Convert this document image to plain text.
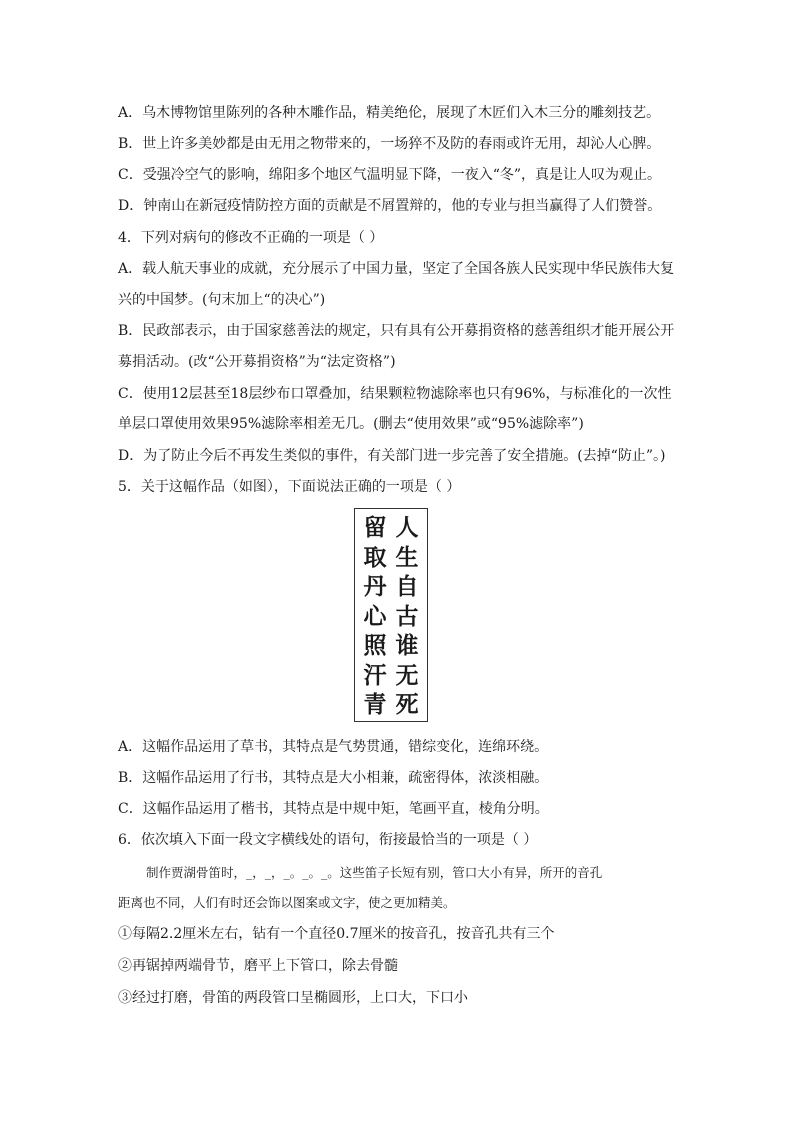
A．乌木博物馆里陈列的各种木雕作品，精美绝伦，展现了木匠们入木三分的雕刻技艺。
B．世上许多美妙都是由无用之物带来的，一场猝不及防的春雨或许无用，却沁人心脾。
C．受强冷空气的影响，绵阳多个地区气温明显下降，一夜入“冬”，真是让人叹为观止。
D．钟南山在新冠疫情防控方面的贡献是不屑置辩的，他的专业与担当赢得了人们赞誉。
4．下列对病句的修改不正确的一项是（ ）
A．载人航天事业的成就，充分展示了中国力量，坚定了全国各族人民实现中华民族伟大复
兴的中国梦。(句末加上“的决心”)
B．民政部表示，由于国家慈善法的规定，只有具有公开募捐资格的慈善组织才能开展公开
募捐活动。(改“公开募捐资格”为“法定资格”)
C．使用12层甚至18层纱布口罩叠加，结果颗粒物滤除率也只有96%，与标准化的一次性
单层口罩使用效果95%滤除率相差无几。(删去“使用效果”或“95%滤除率”)
D．为了防止今后不再发生类似的事件，有关部门进一步完善了安全措施。(去掉“防止”。)
5．关于这幅作品（如图），下面说法正确的一项是（ ）
人
生
自
古
谁
无
死
留
取
丹
心
照
汗
青
A．这幅作品运用了草书，其特点是气势贯通，错综变化，连绵环绕。
B．这幅作品运用了行书，其特点是大小相兼，疏密得体，浓淡相融。
C．这幅作品运用了楷书，其特点是中规中矩，笔画平直，棱角分明。
6．依次填入下面一段文字横线处的语句，衔接最恰当的一项是（ ）
制作贾湖骨笛时，_，_，_。_。_。这些笛子长短有别，管口大小有异，所开的音孔
距离也不同，人们有时还会饰以图案或文字，使之更加精美。
①每隔2.2厘米左右，钻有一个直径0.7厘米的按音孔，按音孔共有三个
②再锯掉两端骨节，磨平上下管口，除去骨髓
③经过打磨，骨笛的两段管口呈椭圆形，上口大，下口小
